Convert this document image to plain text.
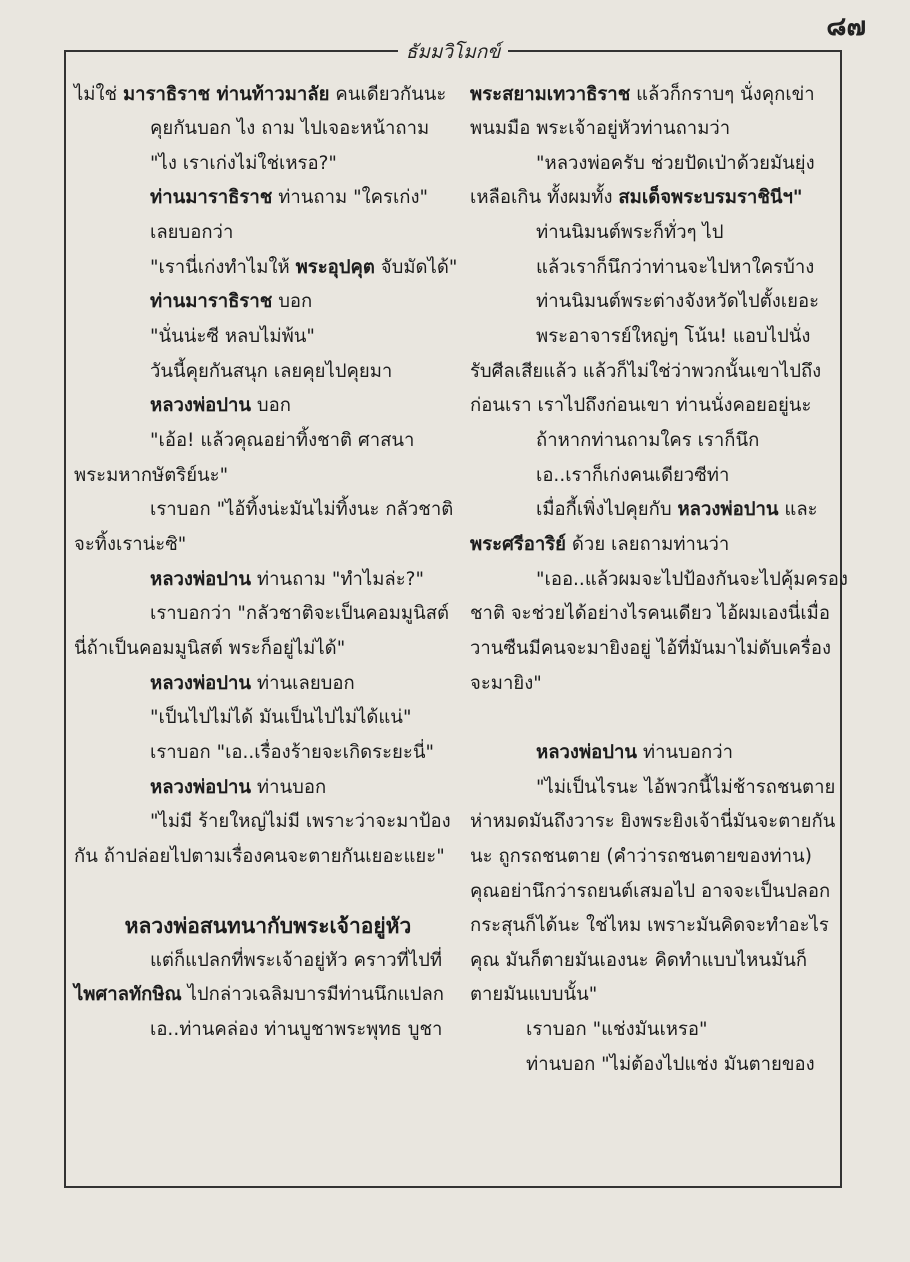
๘๗
ธัมมวิโมกข์
ไม่ใช่ มาราธิราช ท่านท้าวมาลัย คนเดียวกันนะ
คุยกันบอก ไง ถาม ไปเจอะหน้าถาม
"ไง เราเก่งไม่ใช่เหรอ?"
ท่านมาราธิราช ท่านถาม "ใครเก่ง"
เลยบอกว่า
"เรานี่เก่งทำไมให้ พระอุปคุต จับมัดได้"
ท่านมาราธิราช บอก
"นั่นน่ะซี หลบไม่พ้น"
วันนี้คุยกันสนุก เลยคุยไปคุยมา
หลวงพ่อปาน บอก
"เอ้อ! แล้วคุณอย่าทิ้งชาติ ศาสนา
พระมหากษัตริย์นะ"
เราบอก "ไอ้ทิ้งน่ะมันไม่ทิ้งนะ กลัวชาติ
จะทิ้งเราน่ะซิ"
หลวงพ่อปาน ท่านถาม "ทำไมล่ะ?"
เราบอกว่า "กลัวชาติจะเป็นคอมมูนิสต์
นี่ถ้าเป็นคอมมูนิสต์ พระก็อยู่ไม่ได้"
หลวงพ่อปาน ท่านเลยบอก
"เป็นไปไม่ได้ มันเป็นไปไม่ได้แน่"
เราบอก "เอ..เรื่องร้ายจะเกิดระยะนี่"
หลวงพ่อปาน ท่านบอก
"ไม่มี ร้ายใหญ่ไม่มี เพราะว่าจะมาป้อง
กัน ถ้าปล่อยไปตามเรื่องคนจะตายกันเยอะแยะ"
หลวงพ่อสนทนากับพระเจ้าอยู่หัว
แต่ก็แปลกที่พระเจ้าอยู่หัว คราวที่ไปที่
ไพศาลทักษิณ ไปกล่าวเฉลิมบารมีท่านนึกแปลก
เอ..ท่านคล่อง ท่านบูชาพระพุทธ บูชา
พระสยามเทวาธิราช แล้วก็กราบๆ นั่งคุกเข่า
พนมมือ พระเจ้าอยู่หัวท่านถามว่า
"หลวงพ่อครับ ช่วยปัดเป่าด้วยมันยุ่ง
เหลือเกิน ทั้งผมทั้ง สมเด็จพระบรมราชินีฯ"
ท่านนิมนต์พระก็ทั่วๆ ไป
แล้วเราก็นึกว่าท่านจะไปหาใครบ้าง
ท่านนิมนต์พระต่างจังหวัดไปตั้งเยอะ
พระอาจารย์ใหญ่ๆ โน้น! แอบไปนั่ง
รับศีลเสียแล้ว แล้วก็ไม่ใช่ว่าพวกนั้นเขาไปถึง
ก่อนเรา เราไปถึงก่อนเขา ท่านนั่งคอยอยู่นะ
ถ้าหากท่านถามใคร เราก็นึก
เอ..เราก็เก่งคนเดียวซีท่า
เมื่อกี้เพิ่งไปคุยกับ หลวงพ่อปาน และ
พระศรีอาริย์ ด้วย เลยถามท่านว่า
"เออ..แล้วผมจะไปป้องกันจะไปคุ้มครอง
ชาติ จะช่วยได้อย่างไรคนเดียว ไอ้ผมเองนี่เมื่อ
วานซืนมีคนจะมายิงอยู่ ไอ้ที่มันมาไม่ดับเครื่อง
จะมายิง"
หลวงพ่อปาน ท่านบอกว่า
"ไม่เป็นไรนะ ไอ้พวกนี้ไม่ช้ารถชนตาย
ห่าหมดมันถึงวาระ ยิงพระยิงเจ้านี่มันจะตายกัน
นะ ถูกรถชนตาย (คำว่ารถชนตายของท่าน)
คุณอย่านึกว่ารถยนต์เสมอไป อาจจะเป็นปลอก
กระสุนก็ได้นะ ใช่ไหม เพราะมันคิดจะทำอะไร
คุณ มันก็ตายมันเองนะ คิดทำแบบไหนมันก็
ตายมันแบบนั้น"
เราบอก "แช่งมันเหรอ"
ท่านบอก "ไม่ต้องไปแช่ง มันตายของ
